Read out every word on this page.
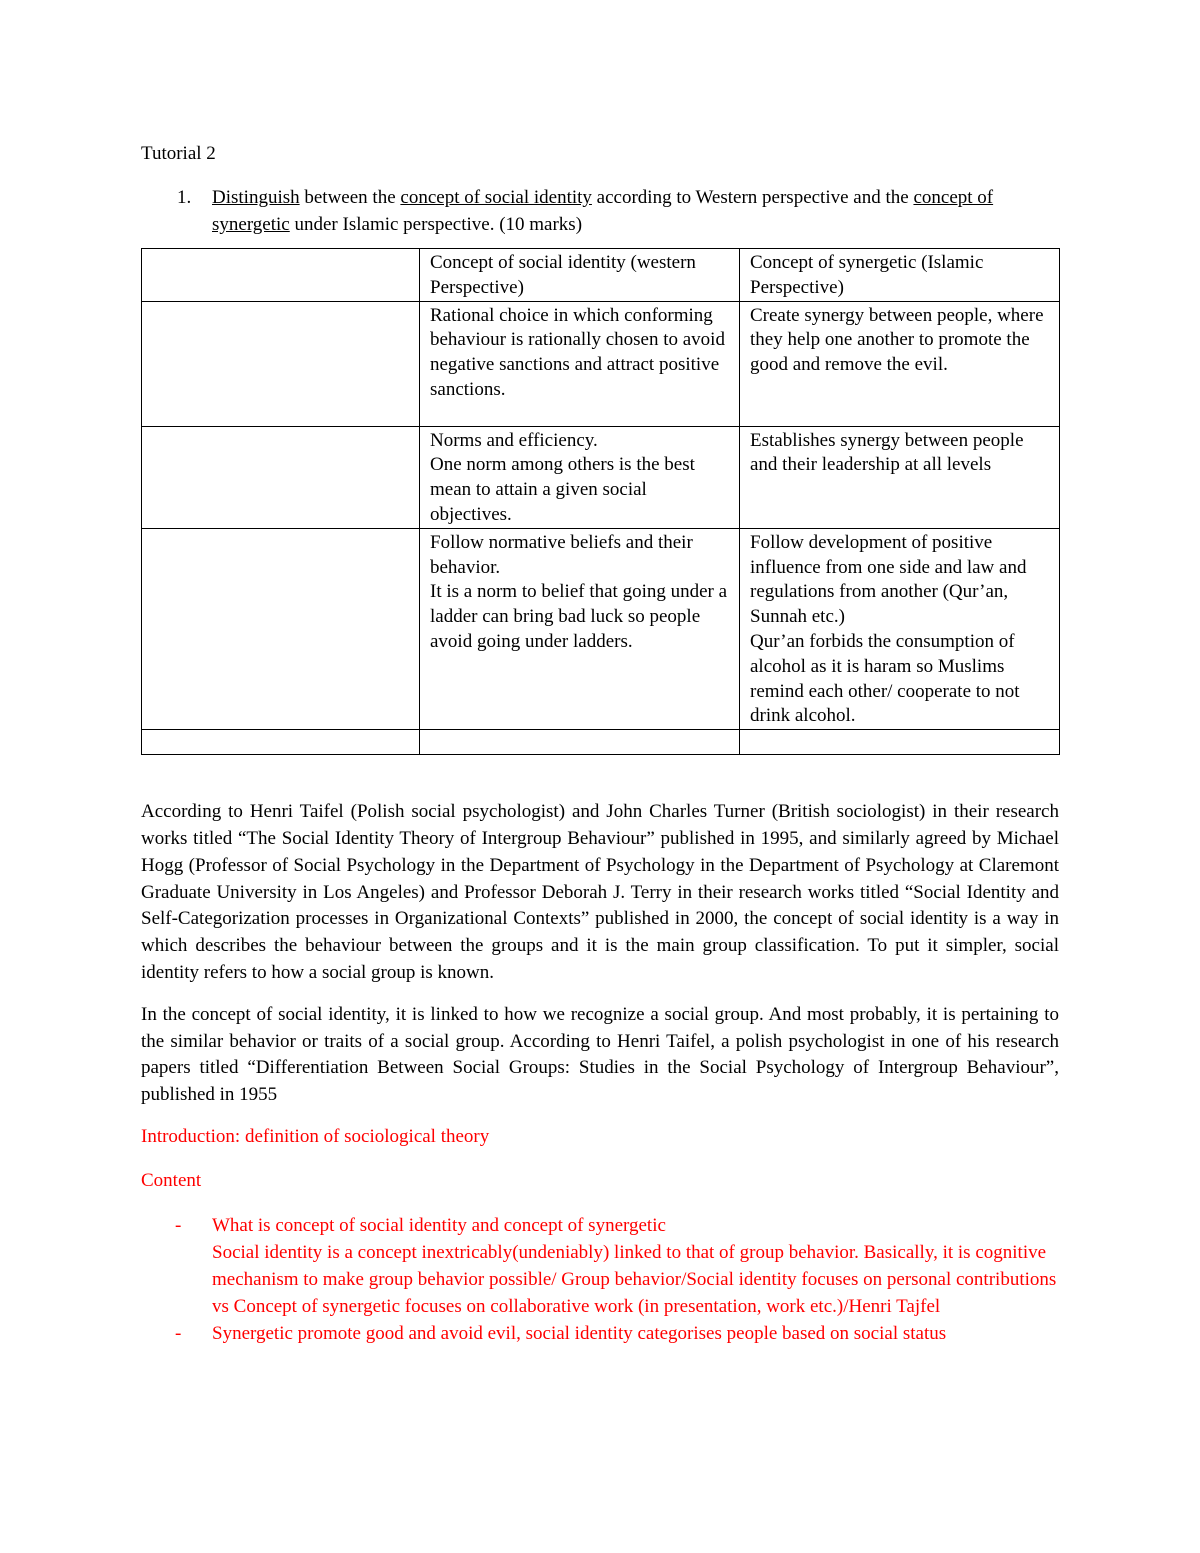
Tutorial 2

1. Distinguish between the concept of social identity according to Western perspective and the concept of synergetic under Islamic perspective. (10 marks)
	Concept of social identity (western Perspective)	Concept of synergetic (Islamic Perspective)

	Rational choice in which conforming behaviour is rationally chosen to avoid negative sanctions and attract positive sanctions.	Create synergy between people, where they help one another to promote the good and remove the evil.

	Norms and efficiency.
One norm among others is the best mean to attain a given social objectives.	Establishes synergy between people and their leadership at all levels

	Follow normative beliefs and their behavior.
It is a norm to belief that going under a ladder can bring bad luck so people avoid going under ladders.	Follow development of positive influence from one side and law and regulations from another (Qur’an, Sunnah etc.)
Qur’an forbids the consumption of alcohol as it is haram so Muslims remind each other/ cooperate to not drink alcohol.

According to Henri Taifel (Polish social psychologist) and John Charles Turner (British sociologist) in their research works titled “The Social Identity Theory of Intergroup Behaviour” published in 1995, and similarly agreed by Michael Hogg (Professor of Social Psychology in the Department of Psychology in the Department of Psychology at Claremont Graduate University in Los Angeles) and Professor Deborah J. Terry in their research works titled “Social Identity and Self-Categorization processes in Organizational Contexts” published in 2000, the concept of social identity is a way in which describes the behaviour between the groups and it is the main group classification. To put it simpler, social identity refers to how a social group is known.

In the concept of social identity, it is linked to how we recognize a social group. And most probably, it is pertaining to the similar behavior or traits of a social group. According to Henri Taifel, a polish psychologist in one of his research papers titled “Differentiation Between Social Groups: Studies in the Social Psychology of Intergroup Behaviour”, published in 1955

Introduction: definition of sociological theory

Content

- What is concept of social identity and concept of synergetic
Social identity is a concept inextricably(undeniably) linked to that of group behavior. Basically, it is cognitive mechanism to make group behavior possible/ Group behavior/Social identity focuses on personal contributions vs Concept of synergetic focuses on collaborative work (in presentation, work etc.)/Henri Tajfel
- Synergetic promote good and avoid evil, social identity categorises people based on social status
